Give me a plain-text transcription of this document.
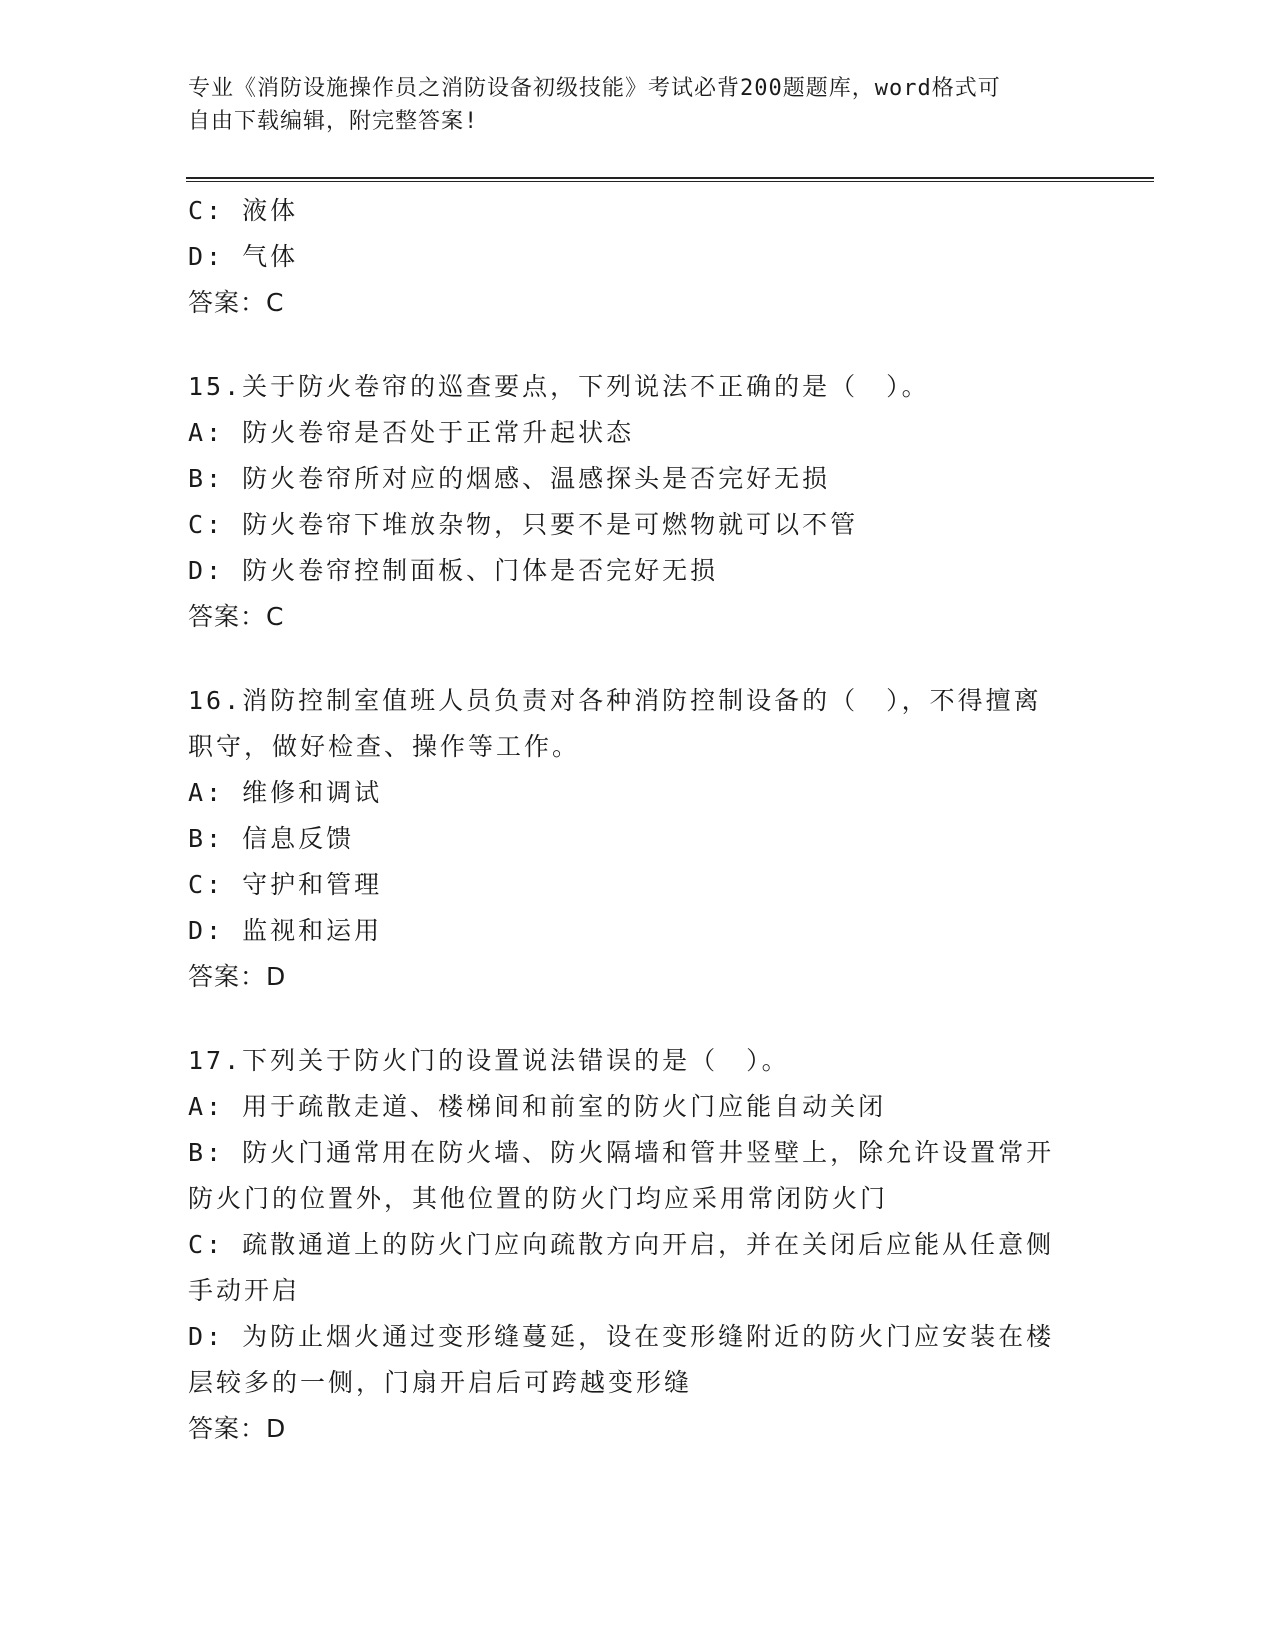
专业《消防设施操作员之消防设备初级技能》考试必背200题题库，word格式可
自由下载编辑，附完整答案!
C: 液体
D: 气体
答案：C
15.关于防火卷帘的巡查要点，下列说法不正确的是（　）。
A: 防火卷帘是否处于正常升起状态
B: 防火卷帘所对应的烟感、温感探头是否完好无损
C: 防火卷帘下堆放杂物，只要不是可燃物就可以不管
D: 防火卷帘控制面板、门体是否完好无损
答案：C
16.消防控制室值班人员负责对各种消防控制设备的（　），不得擅离
职守，做好检查、操作等工作。
A: 维修和调试
B: 信息反馈
C: 守护和管理
D: 监视和运用
答案：D
17.下列关于防火门的设置说法错误的是（　）。
A: 用于疏散走道、楼梯间和前室的防火门应能自动关闭
B: 防火门通常用在防火墙、防火隔墙和管井竖壁上，除允许设置常开
防火门的位置外，其他位置的防火门均应采用常闭防火门
C: 疏散通道上的防火门应向疏散方向开启，并在关闭后应能从任意侧
手动开启
D: 为防止烟火通过变形缝蔓延，设在变形缝附近的防火门应安装在楼
层较多的一侧，门扇开启后可跨越变形缝
答案：D
